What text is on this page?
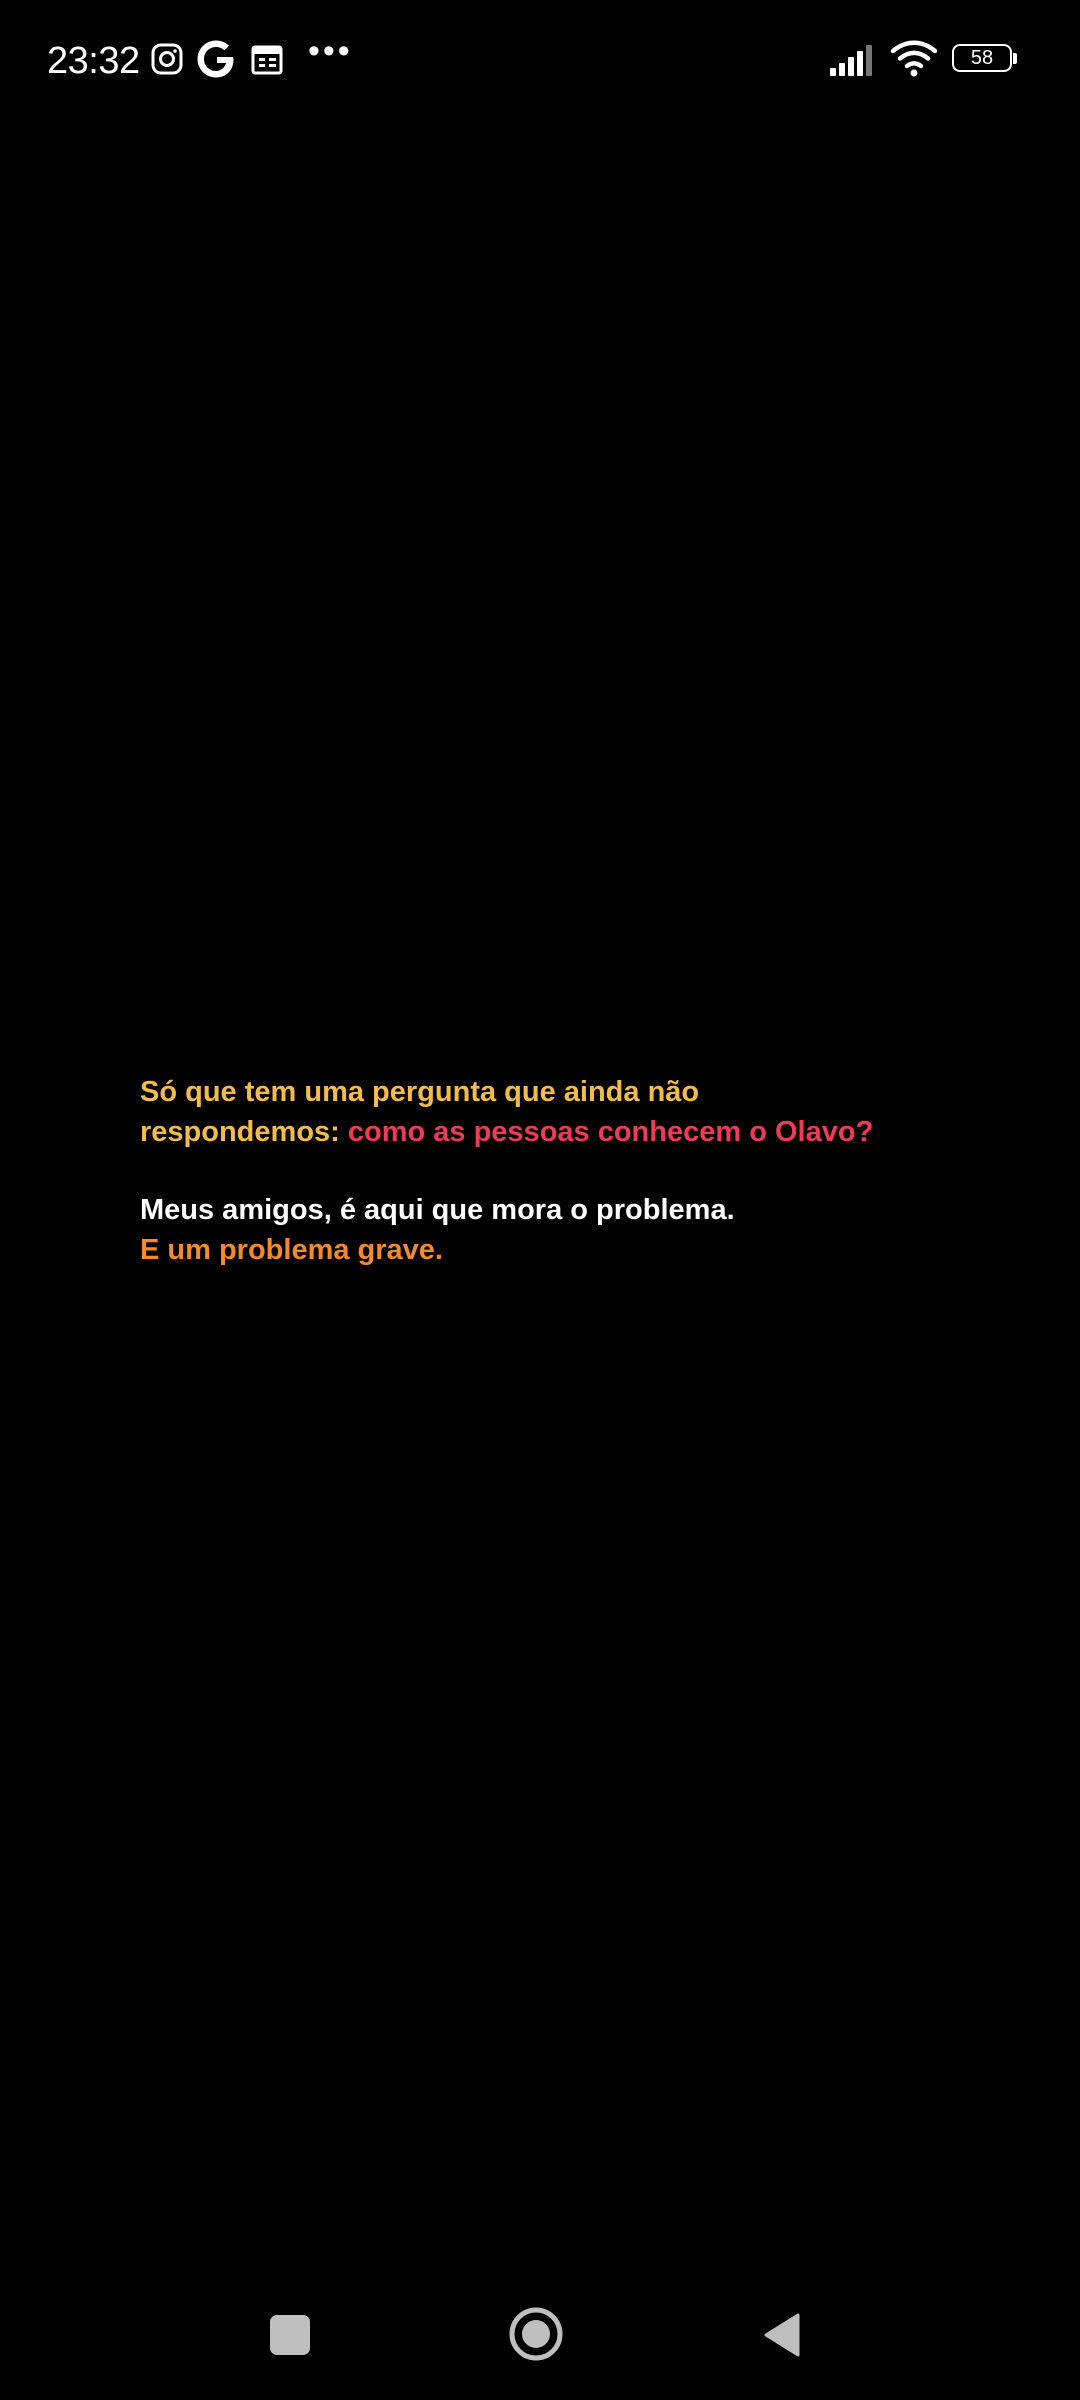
23:32	•••	58

Só que tem uma pergunta que ainda não
respondemos: como as pessoas conhecem o Olavo?

Meus amigos, é aqui que mora o problema.
E um problema grave.
